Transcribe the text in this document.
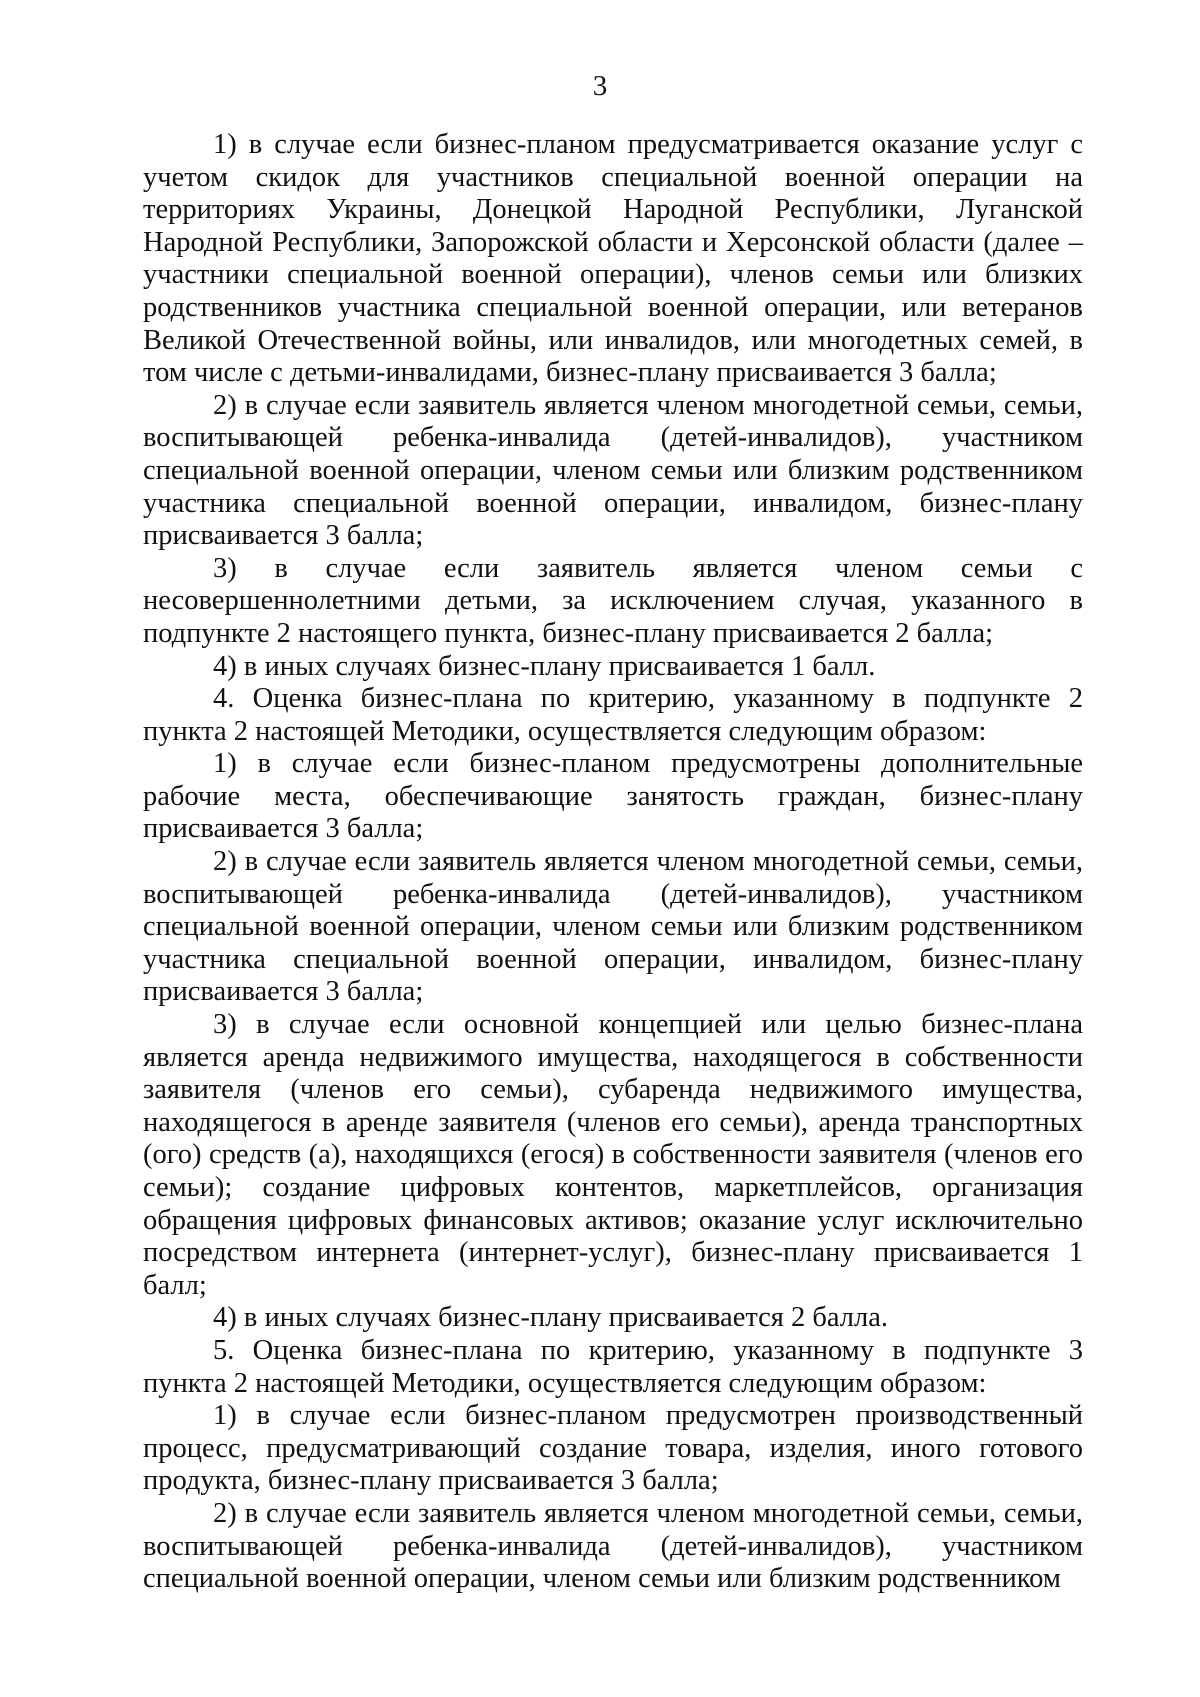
3

1) в случае если бизнес-планом предусматривается оказание услуг с учетом скидок для участников специальной военной операции на территориях Украины, Донецкой Народной Республики, Луганской Народной Республики, Запорожской области и Херсонской области (далее – участники специальной военной операции), членов семьи или близких родственников участника специальной военной операции, или ветеранов Великой Отечественной войны, или инвалидов, или многодетных семей, в том числе с детьми-инвалидами, бизнес-плану присваивается 3 балла;

2) в случае если заявитель является членом многодетной семьи, семьи, воспитывающей ребенка-инвалида (детей-инвалидов), участником специальной военной операции, членом семьи или близким родственником участника специальной военной операции, инвалидом, бизнес-плану присваивается 3 балла;

3) в случае если заявитель является членом семьи с несовершеннолетними детьми, за исключением случая, указанного в подпункте 2 настоящего пункта, бизнес-плану присваивается 2 балла;

4) в иных случаях бизнес-плану присваивается 1 балл.

4. Оценка бизнес-плана по критерию, указанному в подпункте 2 пункта 2 настоящей Методики, осуществляется следующим образом:

1) в случае если бизнес-планом предусмотрены дополнительные рабочие места, обеспечивающие занятость граждан, бизнес-плану присваивается 3 балла;

2) в случае если заявитель является членом многодетной семьи, семьи, воспитывающей ребенка-инвалида (детей-инвалидов), участником специальной военной операции, членом семьи или близким родственником участника специальной военной операции, инвалидом, бизнес-плану присваивается 3 балла;

3) в случае если основной концепцией или целью бизнес-плана является аренда недвижимого имущества, находящегося в собственности заявителя (членов его семьи), субаренда недвижимого имущества, находящегося в аренде заявителя (членов его семьи), аренда транспортных (ого) средств (а), находящихся (егося) в собственности заявителя (членов его семьи); создание цифровых контентов, маркетплейсов, организация обращения цифровых финансовых активов; оказание услуг исключительно посредством интернета (интернет-услуг), бизнес-плану присваивается 1 балл;

4) в иных случаях бизнес-плану присваивается 2 балла.

5. Оценка бизнес-плана по критерию, указанному в подпункте 3 пункта 2 настоящей Методики, осуществляется следующим образом:

1) в случае если бизнес-планом предусмотрен производственный процесс, предусматривающий создание товара, изделия, иного готового продукта, бизнес-плану присваивается 3 балла;

2) в случае если заявитель является членом многодетной семьи, семьи, воспитывающей ребенка-инвалида (детей-инвалидов), участником специальной военной операции, членом семьи или близким родственником
